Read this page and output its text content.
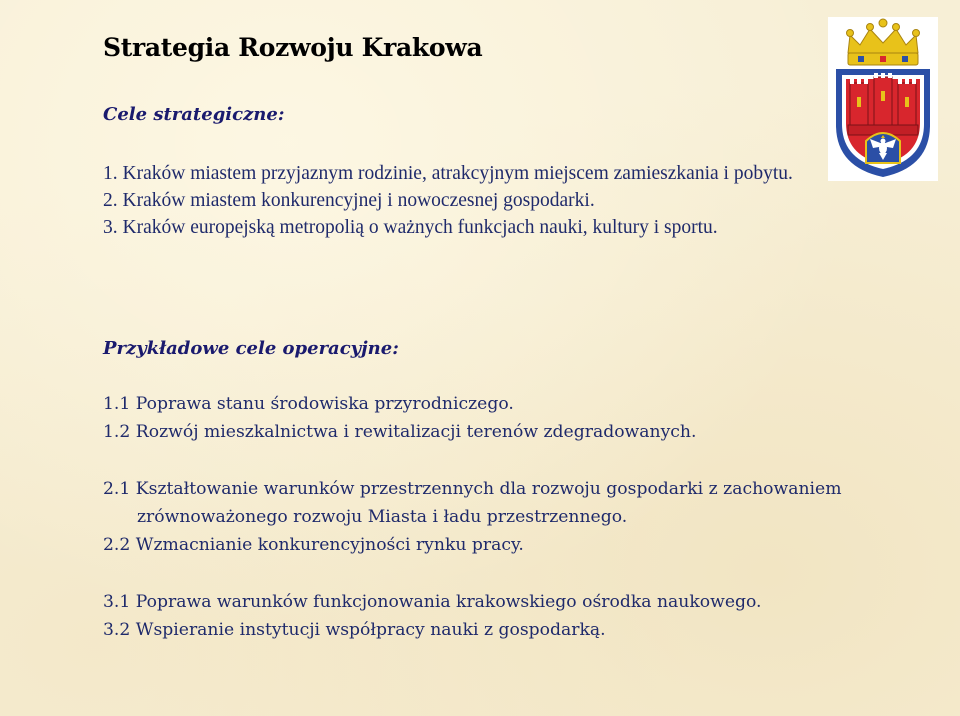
Strategia Rozwoju Krakowa
Cele strategiczne:
1. Kraków miastem przyjaznym rodzinie, atrakcyjnym miejscem zamieszkania i pobytu.
2. Kraków miastem konkurencyjnej i nowoczesnej gospodarki.
3. Kraków europejską metropolią o ważnych funkcjach nauki, kultury i sportu.
Przykładowe cele operacyjne:
1.1 Poprawa stanu środowiska przyrodniczego.
1.2 Rozwój mieszkalnictwa i rewitalizacji terenów zdegradowanych.
2.1 Kształtowanie warunków przestrzennych dla rozwoju gospodarki z zachowaniem zrównoważonego rozwoju Miasta i ładu przestrzennego.
2.2 Wzmacnianie konkurencyjności rynku pracy.
3.1 Poprawa warunków funkcjonowania krakowskiego ośrodka naukowego.
3.2 Wspieranie instytucji współpracy nauki z gospodarką.
